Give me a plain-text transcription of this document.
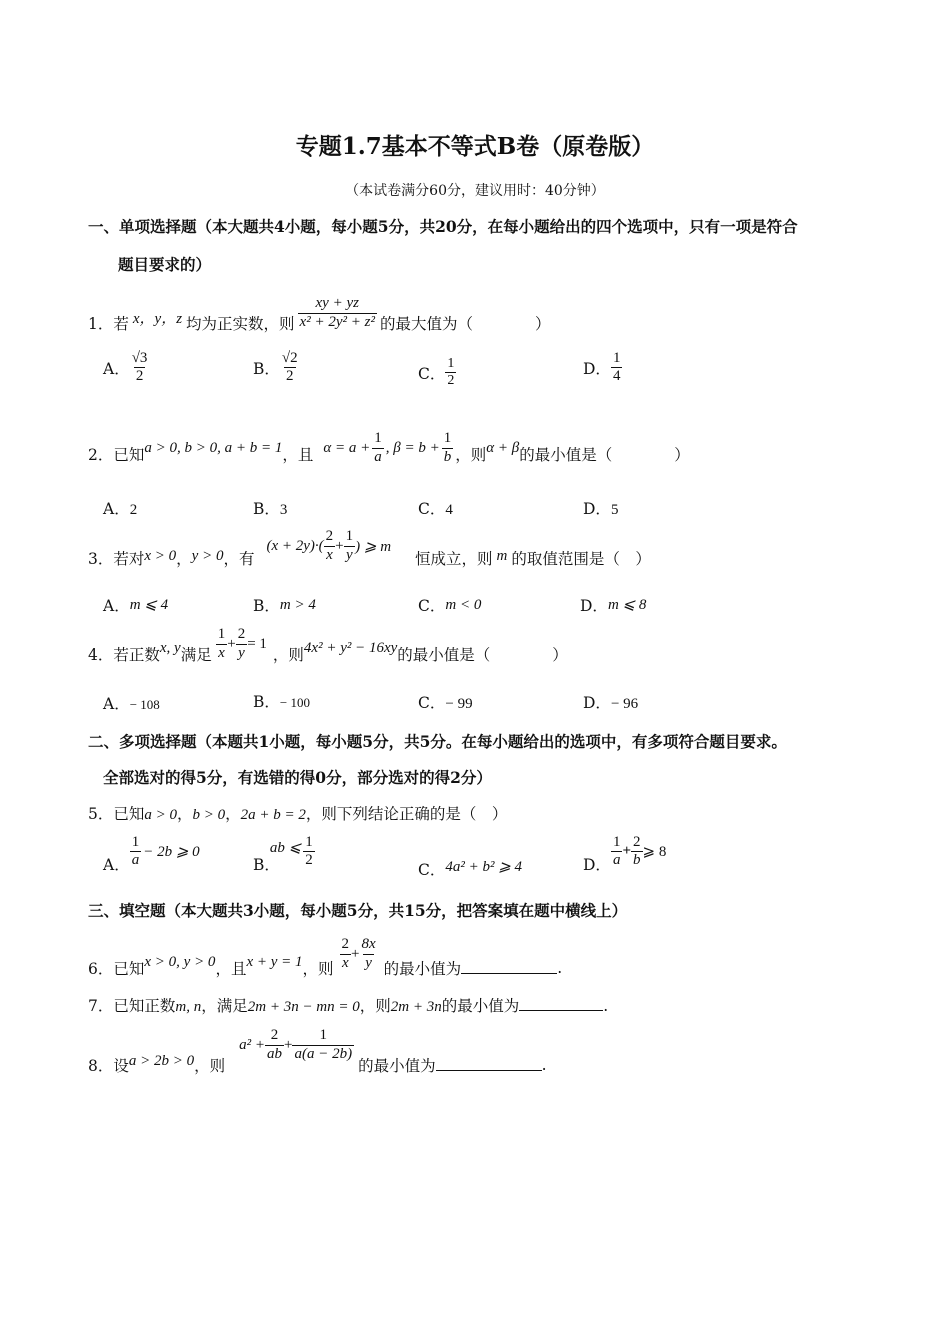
专题1.7基本不等式B卷（原卷版）
（本试卷满分60分，建议用时：40分钟）
一、单项选择题（本大题共4小题，每小题5分，共20分，在每小题给出的四个选项中，只有一项是符合
题目要求的）
1．若 x，y，z 均为正实数，则 $\frac{xy + yz}{\text{x² + 2y² + z²}}$ 的最大值为（　　　　）
A． $\frac{√3}{2}$	B． $\frac{√2}{2}$	C． $\frac{1}{2}$	D． $\frac{1}{4}$
2．已知 a > 0, b > 0, a + b = 1 ，且 $\alpha = a + \frac{1}{a}$ , $\beta = b + \frac{1}{b}$ ，则 α + β 的最小值是（　　　　）
A．2	B．3	C．4	D．5
3．若对 x > 0 ， y > 0 ，有
$(x + 2y)\cdot( \frac{2}{x} + \frac{1}{y}$ ) ⩾ m
恒成立，则 m 的取值范围是（　）
A．m ⩽ 4	B．m > 4	C．m < 0	D．m ⩽ 8
4．若正数 x, y 满足 $\frac{1}{x} + \frac{2}{y} = 1$
，则 4x² + y² − 16xy 的最小值是（　　　　）
A．− 108	B．− 100	C．− 99	D．− 96
二、多项选择题（本题共1小题，每小题5分，共5分。在每小题给出的选项中，有多项符合题目要求。
全部选对的得5分，有选错的得0分，部分选对的得2分）
5．已知a > 0，b > 0，2a + b = 2，则下列结论正确的是（　）
A． $\frac{1}{a} - 2b$ ⩾ 0
B．
ab ⩽ $\frac{1}{2}$
C．4a² + b² ⩾ 4	D． $\frac{1}{a} + \frac{2}{b}$ ⩾ 8
三、填空题（本大题共3小题，每小题5分，共15分，把答案填在题中横线上）
6．已知 x > 0, y > 0 ，且 x + y = 1 ，则 $\frac{2}{x} + \frac{8x}{y}$ 的最小值为	.
7．已知正数m, n，满足2m + 3n − mn = 0，则2m + 3n的最小值为	.
8．设 a > 2b > 0 ，则
$a^2 + \frac{2}{ab} + \frac{1}{a(a - 2b)}$
的最小值为	.
